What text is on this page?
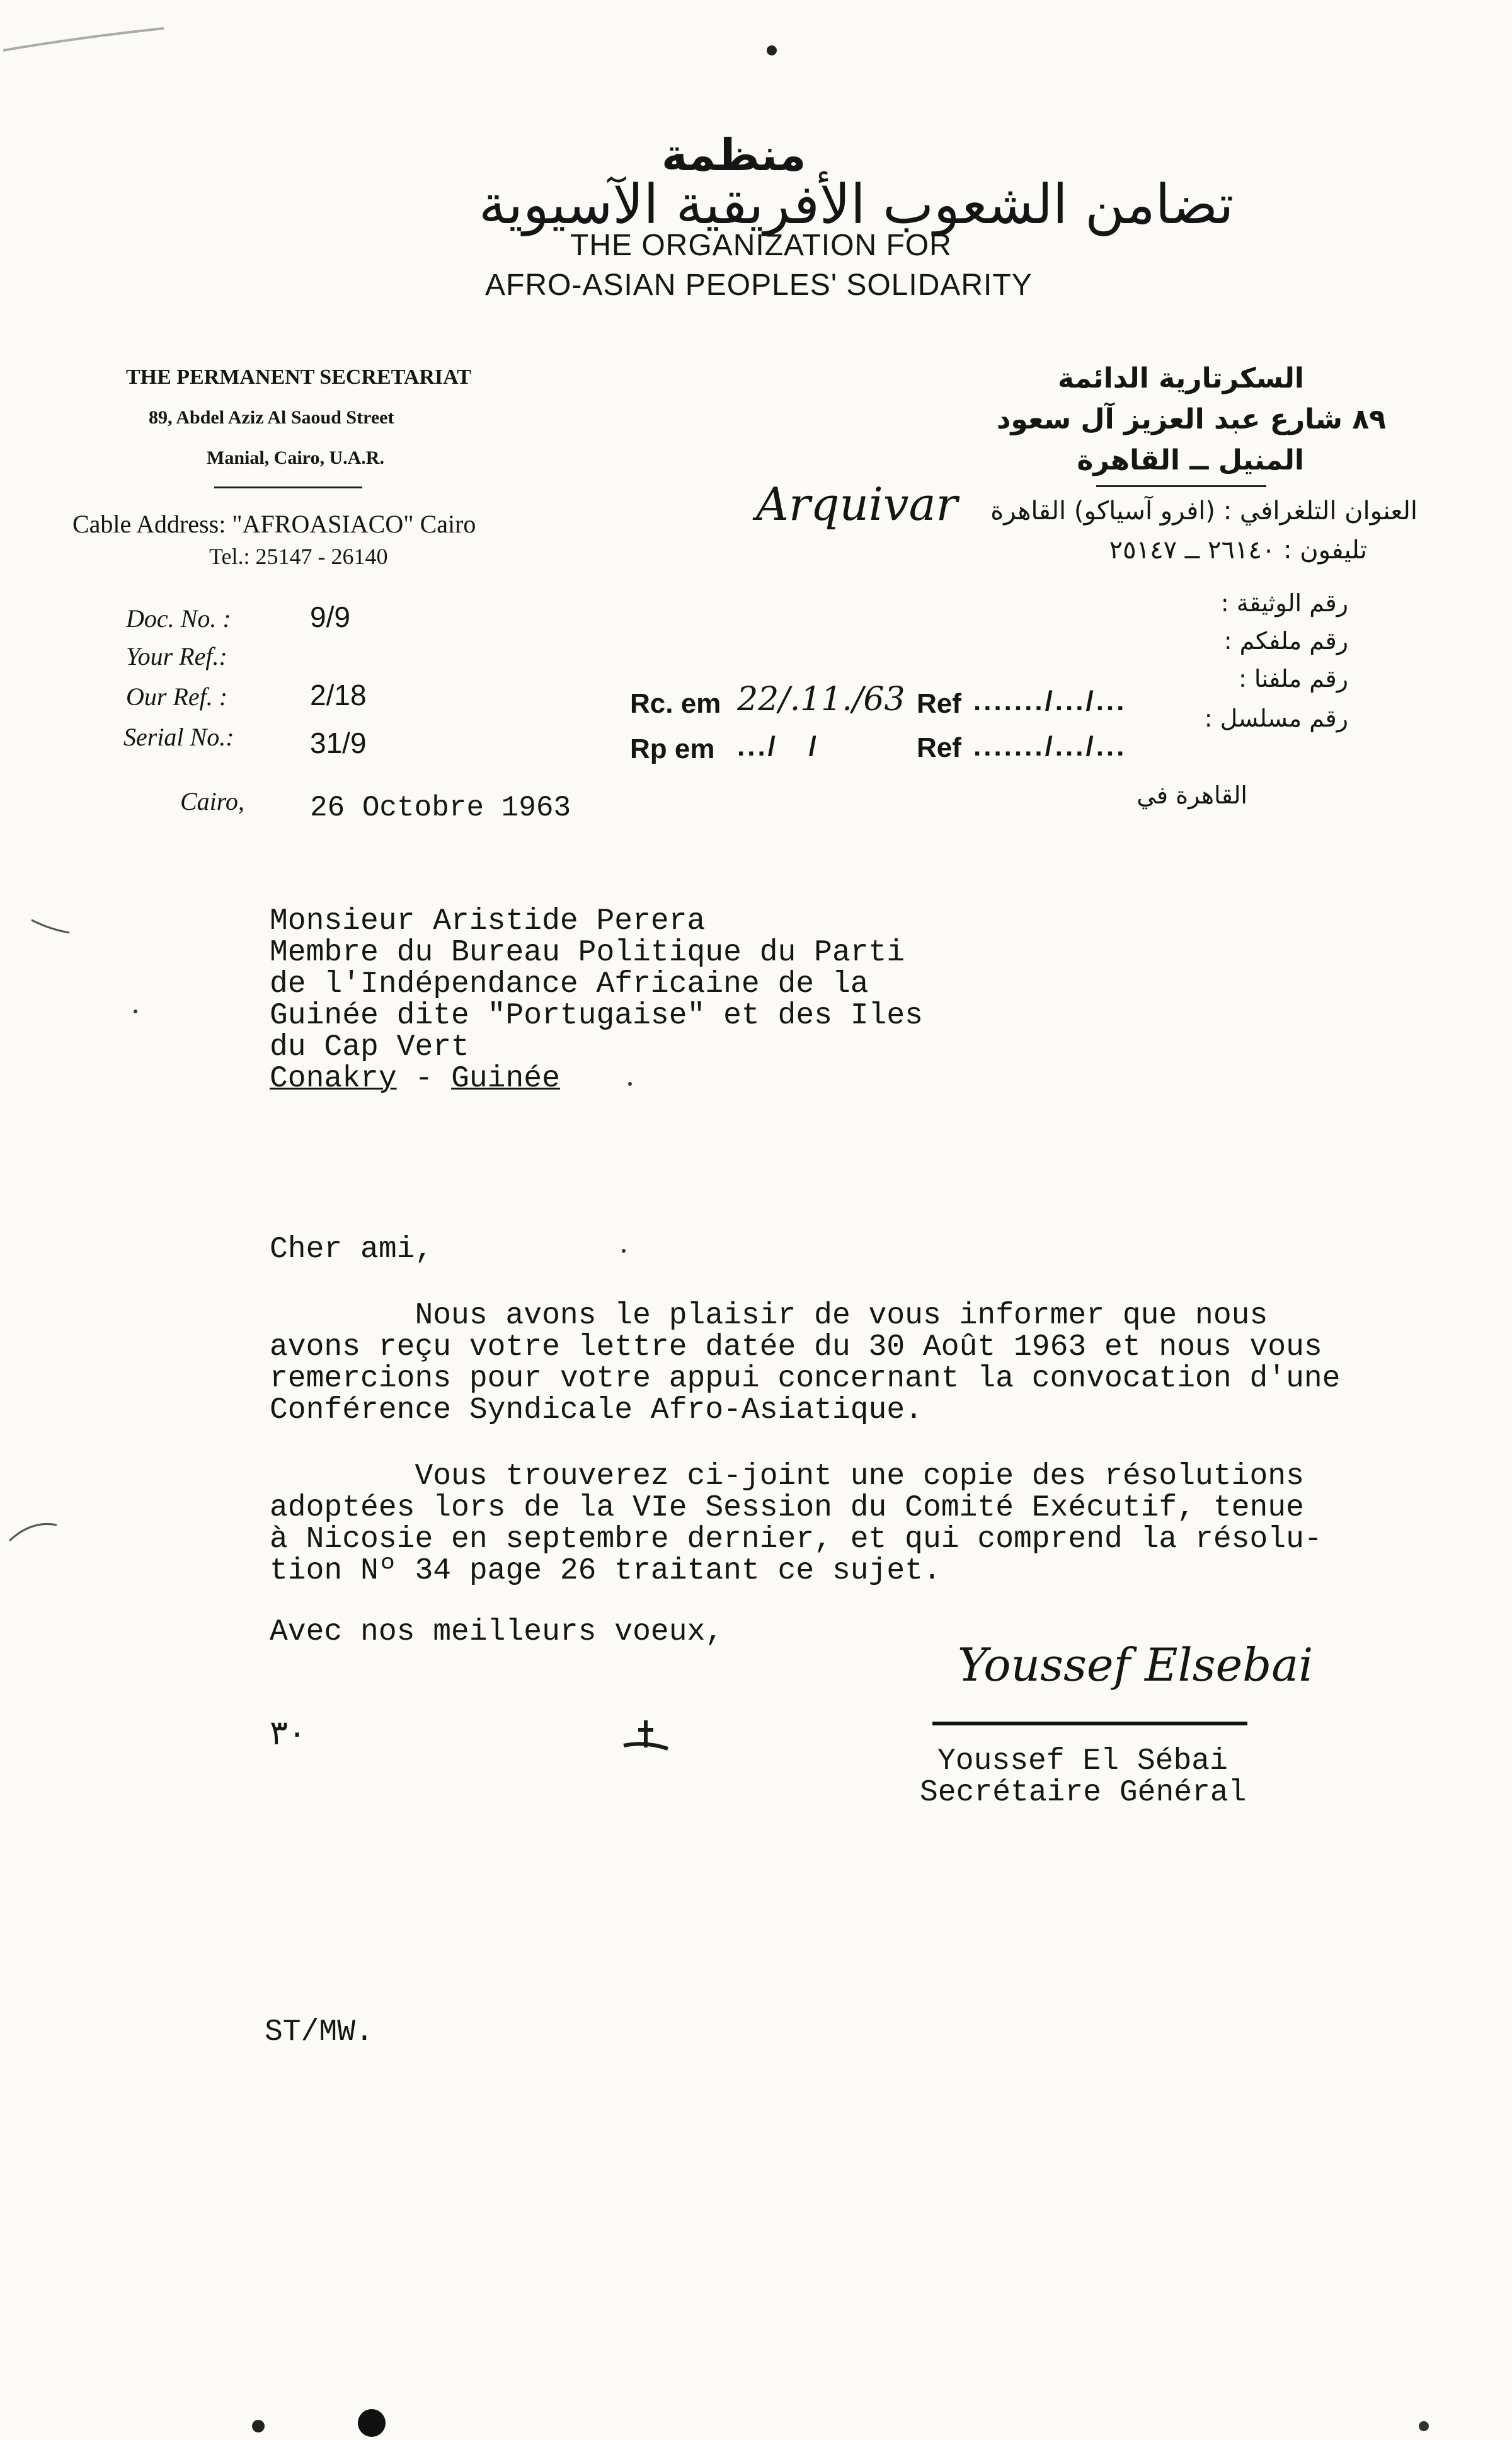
منظمة
تضامن الشعوب الأفريقية الآسيوية
THE ORGANIZATION FOR
AFRO-ASIAN PEOPLES' SOLIDARITY
THE PERMANENT SECRETARIAT
89, Abdel Aziz Al Saoud Street
Manial, Cairo, U.A.R.
Cable Address: "AFROASIACO" Cairo
Tel.: 25147 - 26140
السكرتارية الدائمة
٨٩ شارع عبد العزيز آل سعود
المنيل ــ القاهرة
العنوان التلغرافي : (افرو آسياكو) القاهرة
تليفون : ٢٦١٤٠ ــ ٢٥١٤٧
Doc. No. :	9/9
Your Ref.:
Our Ref. :	2/18
Serial No.:	31/9
Cairo, 26 Octobre 1963
رقم الوثيقة :
رقم ملفكم :
رقم ملفنا :
رقم مسلسل :
القاهرة في
Arquivar
Rc. em 22/.11./63 Ref ......./.../...
Rp em .../   /	Ref ......./.../...
Monsieur Aristide Perera
Membre du Bureau Politique du Parti
de l'Indépendance Africaine de la
Guinée dite "Portugaise" et des Iles
du Cap Vert
Conakry - Guinée
Cher ami,
Nous avons le plaisir de vous informer que nous
avons reçu votre lettre datée du 30 Août 1963 et nous vous
remercions pour votre appui concernant la convocation d'une
Conférence Syndicale Afro-Asiatique.
Vous trouverez ci-joint une copie des résolutions
adoptées lors de la VIe Session du Comité Exécutif, tenue
à Nicosie en septembre dernier, et qui comprend la résolu-
tion Nº 34 page 26 traitant ce sujet.
Avec nos meilleurs voeux,
Youssef Elsebai
Youssef El Sébai
Secrétaire Général
٣٠
ST/MW.
